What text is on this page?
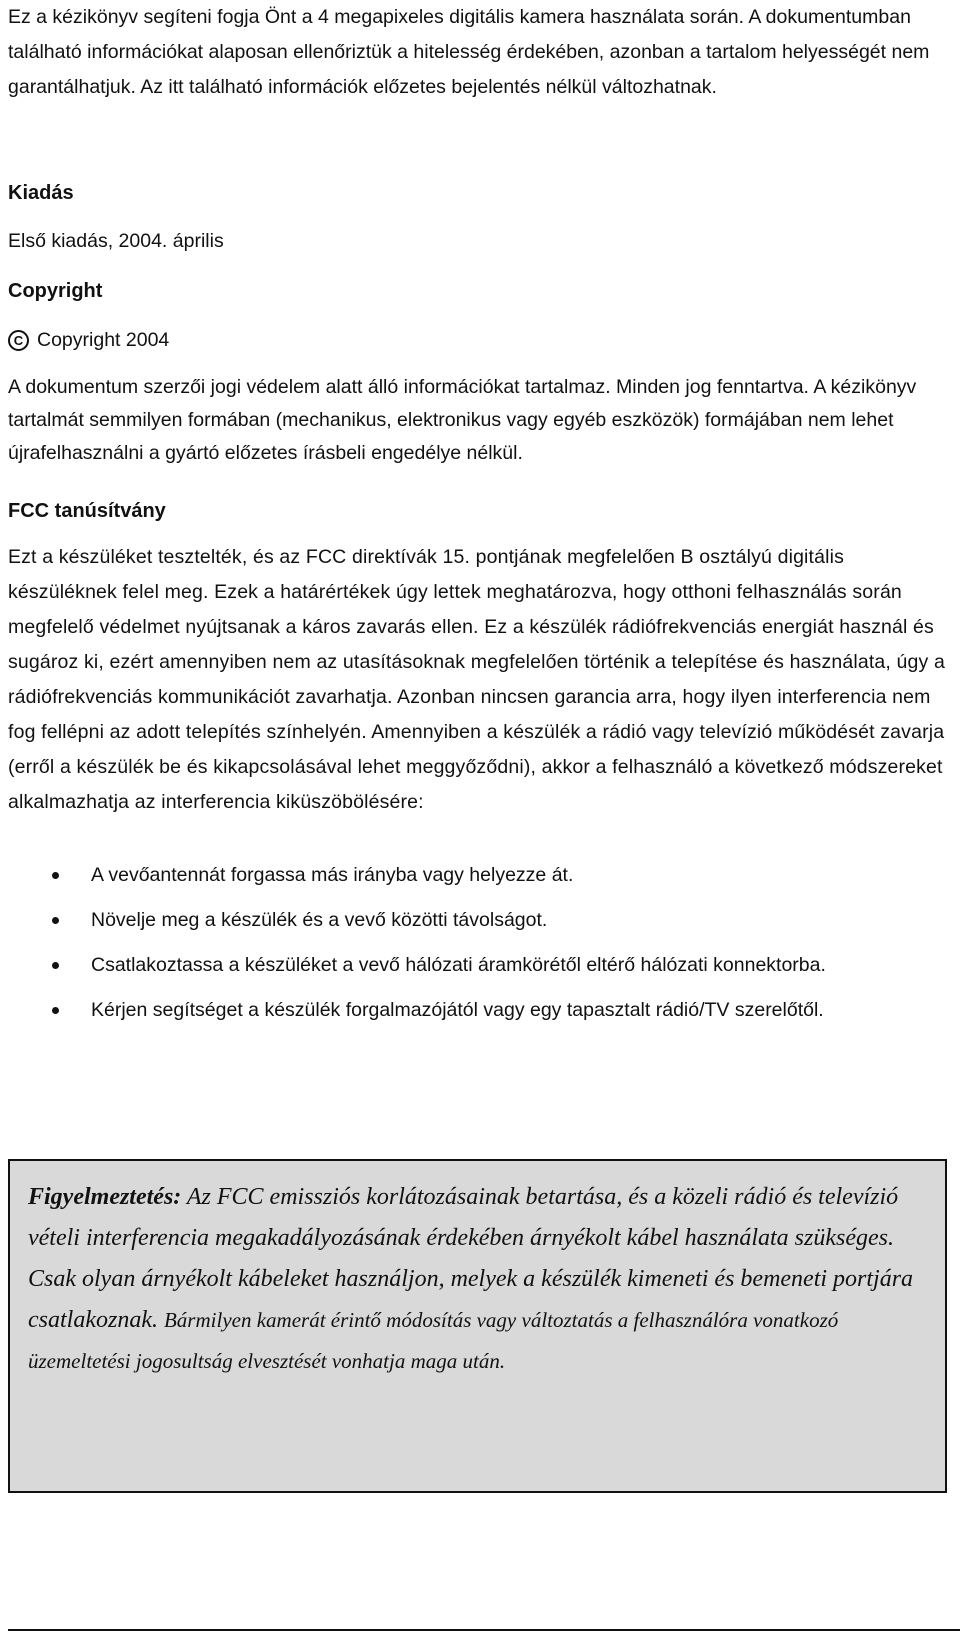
Ez a kézikönyv segíteni fogja Önt a 4 megapixeles digitális kamera használata során. A dokumentumban található információkat alaposan ellenőriztük a hitelesség érdekében, azonban a tartalom helyességét nem garantálhatjuk. Az itt található információk előzetes bejelentés nélkül változhatnak.

Kiadás
Első kiadás, 2004. április
Copyright
C Copyright 2004

A dokumentum szerzői jogi védelem alatt álló információkat tartalmaz. Minden jog fenntartva. A kézikönyv tartalmát semmilyen formában (mechanikus, elektronikus vagy egyéb eszközök) formájában nem lehet újrafelhasználni a gyártó előzetes írásbeli engedélye nélkül.

FCC tanúsítvány

Ezt a készüléket tesztelték, és az FCC direktívák 15. pontjának megfelelően B osztályú digitális készüléknek felel meg. Ezek a határértékek úgy lettek meghatározva, hogy otthoni felhasználás során megfelelő védelmet nyújtsanak a káros zavarás ellen. Ez a készülék rádiófrekvenciás energiát használ és sugároz ki, ezért amennyiben nem az utasításoknak megfelelően történik a telepítése és használata, úgy a rádiófrekvenciás kommunikációt zavarhatja. Azonban nincsen garancia arra, hogy ilyen interferencia nem fog fellépni az adott telepítés színhelyén. Amennyiben a készülék a rádió vagy televízió működését zavarja (erről a készülék be és kikapcsolásával lehet meggyőződni), akkor a felhasználó a következő módszereket alkalmazhatja az interferencia kiküszöbölésére:

A vevőantennát forgassa más irányba vagy helyezze át.
Növelje meg a készülék és a vevő közötti távolságot.
Csatlakoztassa a készüléket a vevő hálózati áramkörétől eltérő hálózati konnektorba.
Kérjen segítséget a készülék forgalmazójától vagy egy tapasztalt rádió/TV szerelőtől.
Figyelmeztetés: Az FCC emissziós korlátozásainak betartása, és a közeli rádió és televízió vételi interferencia megakadályozásának érdekében árnyékolt kábel használata szükséges. Csak olyan árnyékolt kábeleket használjon, melyek a készülék kimeneti és bemeneti portjára csatlakoznak. Bármilyen kamerát érintő módosítás vagy változtatás a felhasználóra vonatkozó üzemeltetési jogosultság elvesztését vonhatja maga után.
